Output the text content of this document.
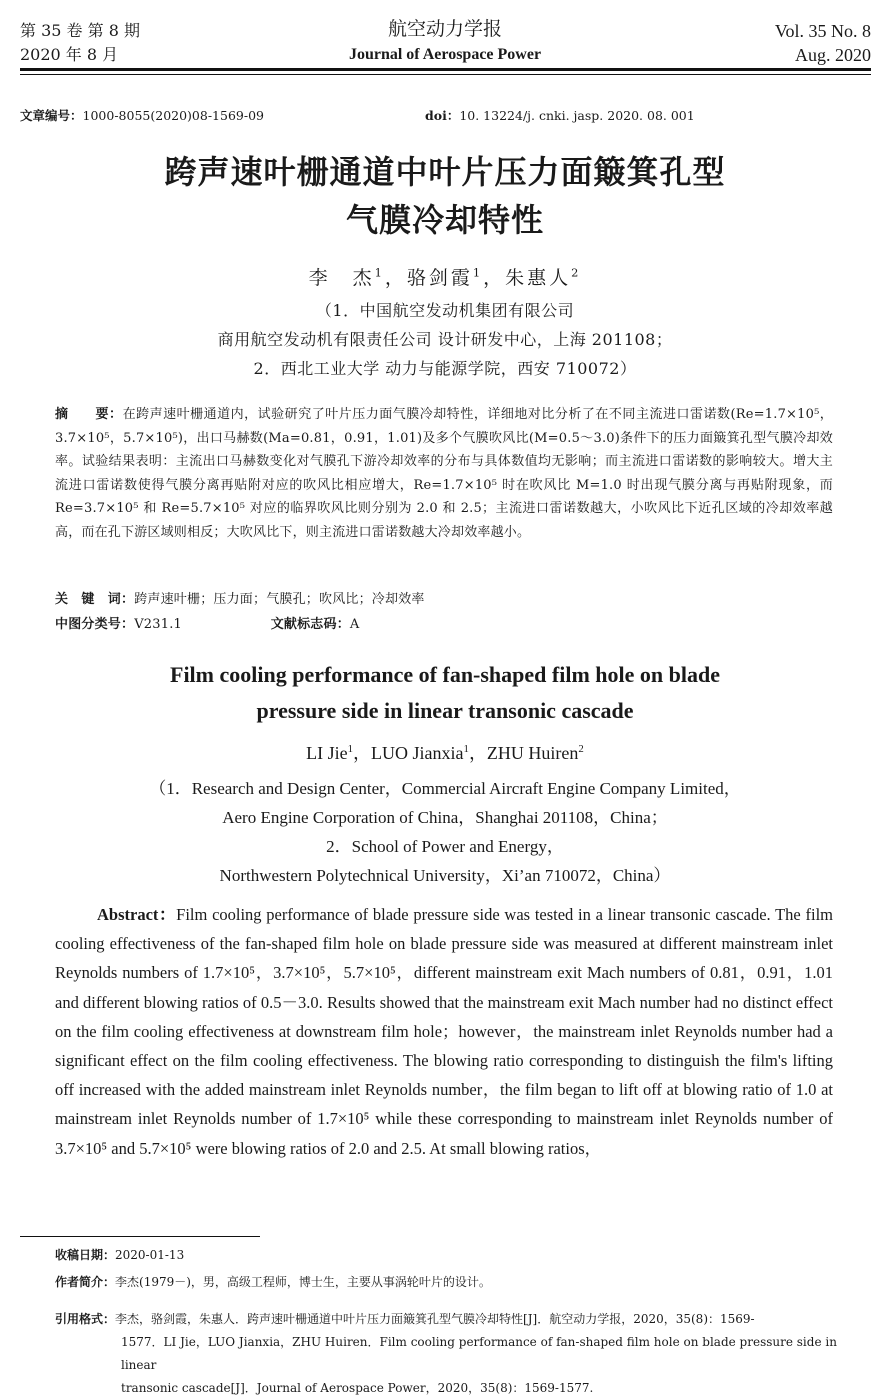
第 35 卷 第 8 期
2020 年 8 月
航空动力学报
Journal of Aerospace Power
Vol. 35 No. 8
Aug. 2020
文章编号：1000-8055(2020)08-1569-09	doi：10. 13224/j. cnki. jasp. 2020. 08. 001
跨声速叶栅通道中叶片压力面簸箕孔型
气膜冷却特性
李　杰$^1$，骆剑霞$^1$，朱惠人$^2$
（1．中国航空发动机集团有限公司
商用航空发动机有限责任公司 设计研发中心，上海 201108；
2．西北工业大学 动力与能源学院，西安 710072）
摘　　要：在跨声速叶栅通道内，试验研究了叶片压力面气膜冷却特性，详细地对比分析了在不同主流进口雷诺数(Re=1.7×10⁵，3.7×10⁵，5.7×10⁵)，出口马赫数(Ma=0.81，0.91，1.01)及多个气膜吹风比(M=0.5～3.0)条件下的压力面簸箕孔型气膜冷却效率。试验结果表明：主流出口马赫数变化对气膜孔下游冷却效率的分布与具体数值均无影响；而主流进口雷诺数的影响较大。增大主流进口雷诺数使得气膜分离再贴附对应的吹风比相应增大，Re=1.7×10⁵ 时在吹风比 M=1.0 时出现气膜分离与再贴附现象，而 Re=3.7×10⁵ 和 Re=5.7×10⁵ 对应的临界吹风比则分别为 2.0 和 2.5；主流进口雷诺数越大，小吹风比下近孔区域的冷却效率越高，而在孔下游区域则相反；大吹风比下，则主流进口雷诺数越大冷却效率越小。
关　键　词：跨声速叶栅；压力面；气膜孔；吹风比；冷却效率
中图分类号：V231.1	文献标志码：A
Film cooling performance of fan-shaped film hole on blade
pressure side in linear transonic cascade
LI Jie$^1$，LUO Jianxia$^1$，ZHU Huiren$^2$
（1．Research and Design Center，Commercial Aircraft Engine Company Limited，
Aero Engine Corporation of China，Shanghai 201108，China；
2．School of Power and Energy，
Northwestern Polytechnical University，Xi’an 710072，China）
Abstract：Film cooling performance of blade pressure side was tested in a linear transonic cascade. The film cooling effectiveness of the fan-shaped film hole on blade pressure side was measured at different mainstream inlet Reynolds numbers of 1.7×10⁵，3.7×10⁵，5.7×10⁵，different mainstream exit Mach numbers of 0.81，0.91，1.01 and different blowing ratios of 0.5－3.0. Results showed that the mainstream exit Mach number had no distinct effect on the film cooling effectiveness at downstream film hole；however，the mainstream inlet Reynolds number had a significant effect on the film cooling effectiveness. The blowing ratio corresponding to distinguish the film's lifting off increased with the added mainstream inlet Reynolds number，the film began to lift off at blowing ratio of 1.0 at mainstream inlet Reynolds number of 1.7×10⁵ while these corresponding to mainstream inlet Reynolds number of 3.7×10⁵ and 5.7×10⁵ were blowing ratios of 2.0 and 2.5. At small blowing ratios，
收稿日期：2020-01-13
作者简介：李杰(1979－)，男，高级工程师，博士生，主要从事涡轮叶片的设计。
引用格式：李杰，骆剑霞，朱惠人．跨声速叶栅通道中叶片压力面簸箕孔型气膜冷却特性[J]．航空动力学报，2020，35(8)：1569-
1577．LI Jie，LUO Jianxia，ZHU Huiren．Film cooling performance of fan-shaped film hole on blade pressure side in linear
transonic cascade[J]．Journal of Aerospace Power，2020，35(8)：1569-1577.
